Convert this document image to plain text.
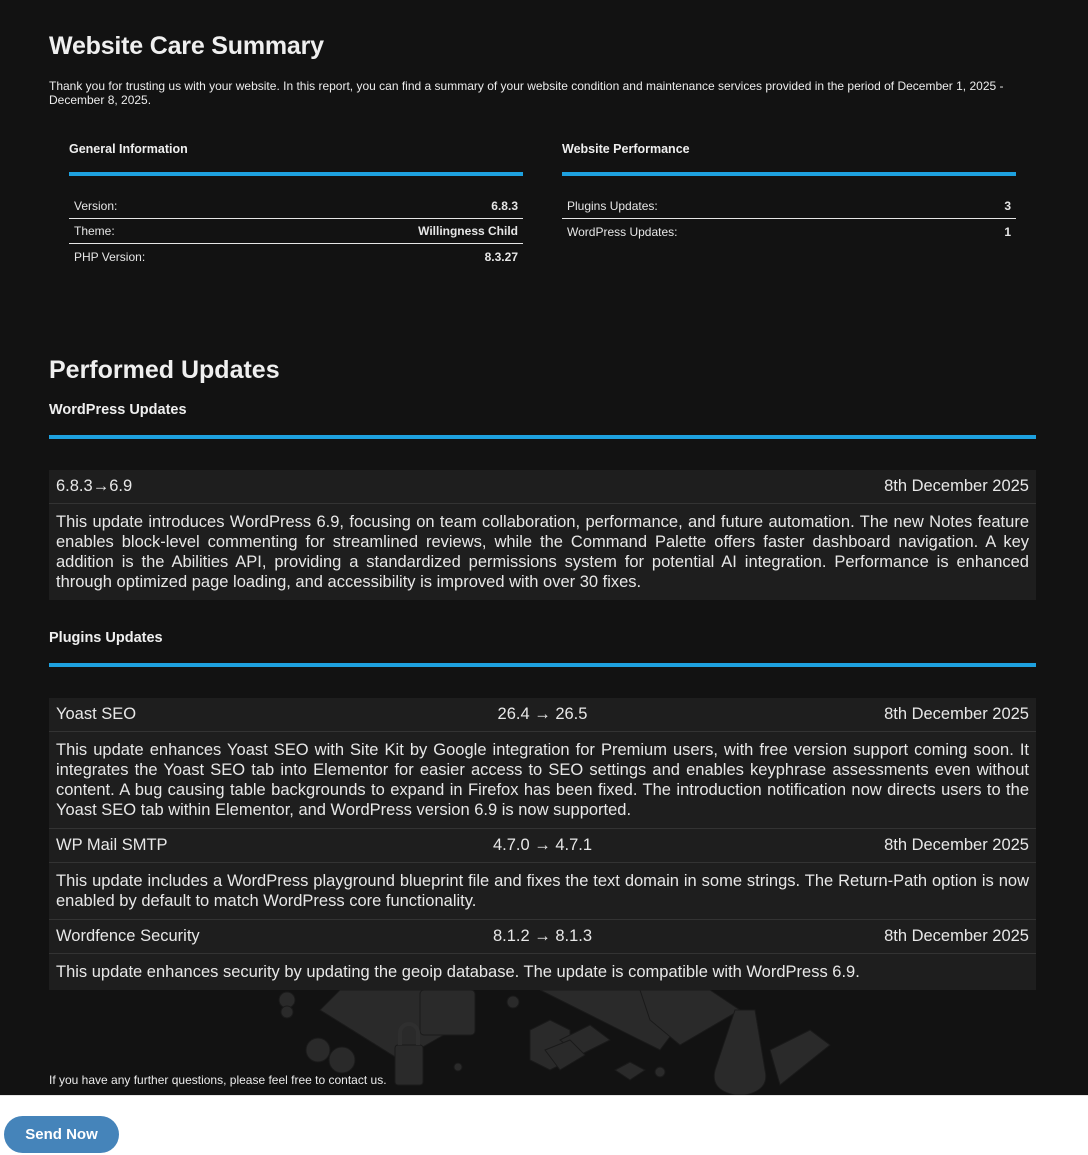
Website Care Summary

Thank you for trusting us with your website. In this report, you can find a summary of your website condition and maintenance services provided in the period of December 1, 2025 - December 8, 2025.

General Information
Version:	6.8.3
Theme:	Willingness Child
PHP Version:	8.3.27
Website Performance
Plugins Updates:	3
WordPress Updates:	1
Performed Updates
WordPress Updates
6.8.3→6.9	8th December 2025
This update introduces WordPress 6.9, focusing on team collaboration, performance, and future automation. The new Notes feature enables block-level commenting for streamlined reviews, while the Command Palette offers faster dashboard navigation. A key addition is the Abilities API, providing a standardized permissions system for potential AI integration. Performance is enhanced through optimized page loading, and accessibility is improved with over 30 fixes.
Plugins Updates
Yoast SEO	26.4 → 26.5	8th December 2025
This update enhances Yoast SEO with Site Kit by Google integration for Premium users, with free version support coming soon. It integrates the Yoast SEO tab into Elementor for easier access to SEO settings and enables keyphrase assessments even without content. A bug causing table backgrounds to expand in Firefox has been fixed. The introduction notification now directs users to the Yoast SEO tab within Elementor, and WordPress version 6.9 is now supported.
WP Mail SMTP	4.7.0 → 4.7.1	8th December 2025
This update includes a WordPress playground blueprint file and fixes the text domain in some strings. The Return-Path option is now enabled by default to match WordPress core functionality.
Wordfence Security	8.1.2 → 8.1.3	8th December 2025
This update enhances security by updating the geoip database. The update is compatible with WordPress 6.9.

If you have any further questions, please feel free to contact us.

Send Now
